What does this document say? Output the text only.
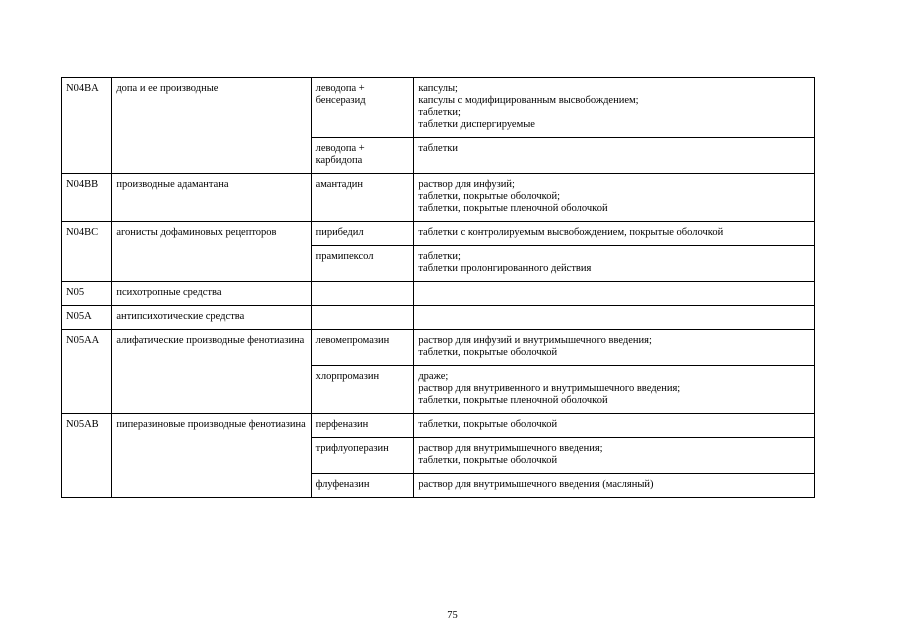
N04BA	допа и ее производные	леводопа + бенсеразид	капсулы;
капсулы с модифицированным высвобождением;
таблетки;
таблетки диспергируемые

		леводопа + карбидопа	таблетки

N04BB	производные адамантана	амантадин	раствор для инфузий;
таблетки, покрытые оболочкой;
таблетки, покрытые пленочной оболочкой

N04BC	агонисты дофаминовых рецепторов	пирибедил	таблетки с контролируемым высвобождением, покрытые оболочкой

		прамипексол	таблетки;
таблетки пролонгированного действия

N05	психотропные средства		
N05A	антипсихотические средства		
N05AA	алифатические производные фенотиазина	левомепромазин	раствор для инфузий и внутримышечного введения;
таблетки, покрытые оболочкой

		хлорпромазин	драже;
раствор для внутривенного и внутримышечного введения;
таблетки, покрытые пленочной оболочкой

N05AB	пиперазиновые производные фенотиазина	перфеназин	таблетки, покрытые оболочкой

		трифлуоперазин	раствор для внутримышечного введения;
таблетки, покрытые оболочкой

		флуфеназин	раствор для внутримышечного введения (масляный)
75
